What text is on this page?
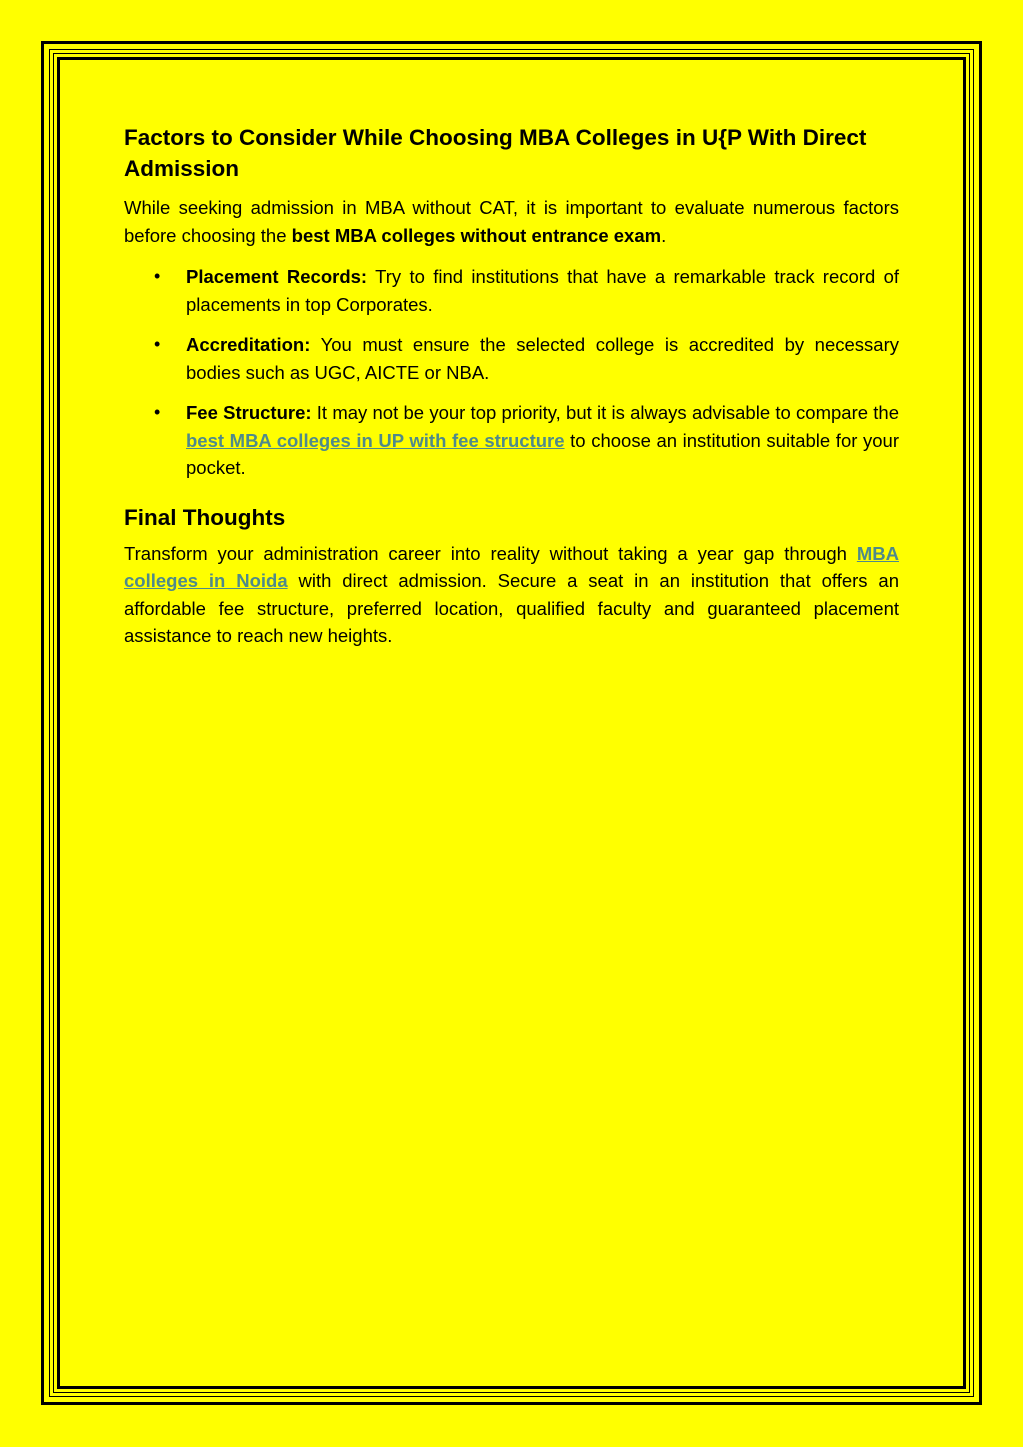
Factors to Consider While Choosing MBA Colleges in U{P With Direct Admission

While seeking admission in MBA without CAT, it is important to evaluate numerous factors before choosing the best MBA colleges without entrance exam.

• Placement Records: Try to find institutions that have a remarkable track record of placements in top Corporates.
• Accreditation: You must ensure the selected college is accredited by necessary bodies such as UGC, AICTE or NBA.
• Fee Structure: It may not be your top priority, but it is always advisable to compare the best MBA colleges in UP with fee structure to choose an institution suitable for your pocket.
Final Thoughts

Transform your administration career into reality without taking a year gap through MBA colleges in Noida with direct admission. Secure a seat in an institution that offers an affordable fee structure, preferred location, qualified faculty and guaranteed placement assistance to reach new heights.
